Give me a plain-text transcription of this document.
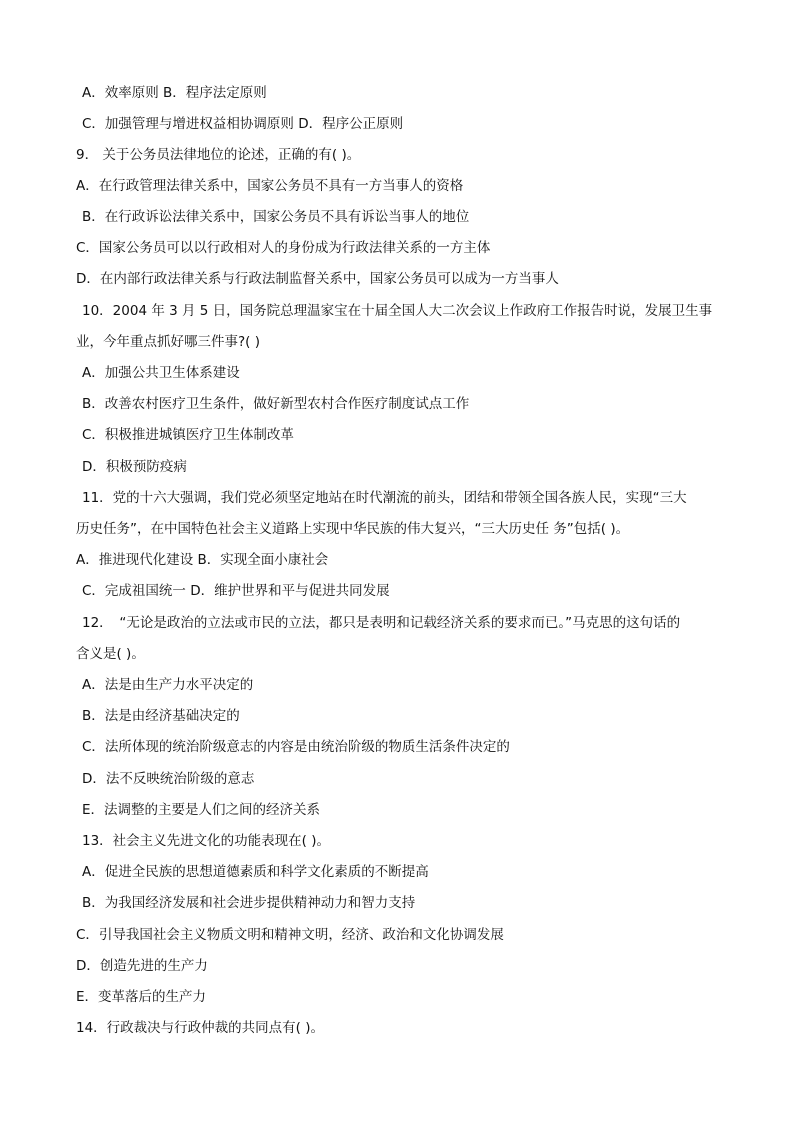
A．效率原则 B．程序法定原则
C．加强管理与增进权益相协调原则 D．程序公正原则
9． 关于公务员法律地位的论述，正确的有( )。
A．在行政管理法律关系中，国家公务员不具有一方当事人的资格
B．在行政诉讼法律关系中，国家公务员不具有诉讼当事人的地位
C．国家公务员可以以行政相对人的身份成为行政法律关系的一方主体
D．在内部行政法律关系与行政法制监督关系中，国家公务员可以成为一方当事人
10．2004 年 3 月 5 日，国务院总理温家宝在十届全国人大二次会议上作政府工作报告时说，发展卫生事
业，今年重点抓好哪三件事?( )
A．加强公共卫生体系建设
B．改善农村医疗卫生条件，做好新型农村合作医疗制度试点工作
C．积极推进城镇医疗卫生体制改革
D．积极预防疫病
11．党的十六大强调，我们党必须坚定地站在时代潮流的前头，团结和带领全国各族人民，实现“三大
历史任务”，在中国特色社会主义道路上实现中华民族的伟大复兴，“三大历史任 务”包括( )。
A．推进现代化建设 B．实现全面小康社会
C．完成祖国统一 D．维护世界和平与促进共同发展
12．　“无论是政治的立法或市民的立法，都只是表明和记载经济关系的要求而已。”马克思的这句话的
含义是( )。
A．法是由生产力水平决定的
B．法是由经济基础决定的
C．法所体现的统治阶级意志的内容是由统治阶级的物质生活条件决定的
D．法不反映统治阶级的意志
E．法调整的主要是人们之间的经济关系
13．社会主义先进文化的功能表现在( )。
A．促进全民族的思想道德素质和科学文化素质的不断提高
B．为我国经济发展和社会进步提供精神动力和智力支持
C．引导我国社会主义物质文明和精神文明，经济、政治和文化协调发展
D．创造先进的生产力
E．变革落后的生产力
14．行政裁决与行政仲裁的共同点有( )。
